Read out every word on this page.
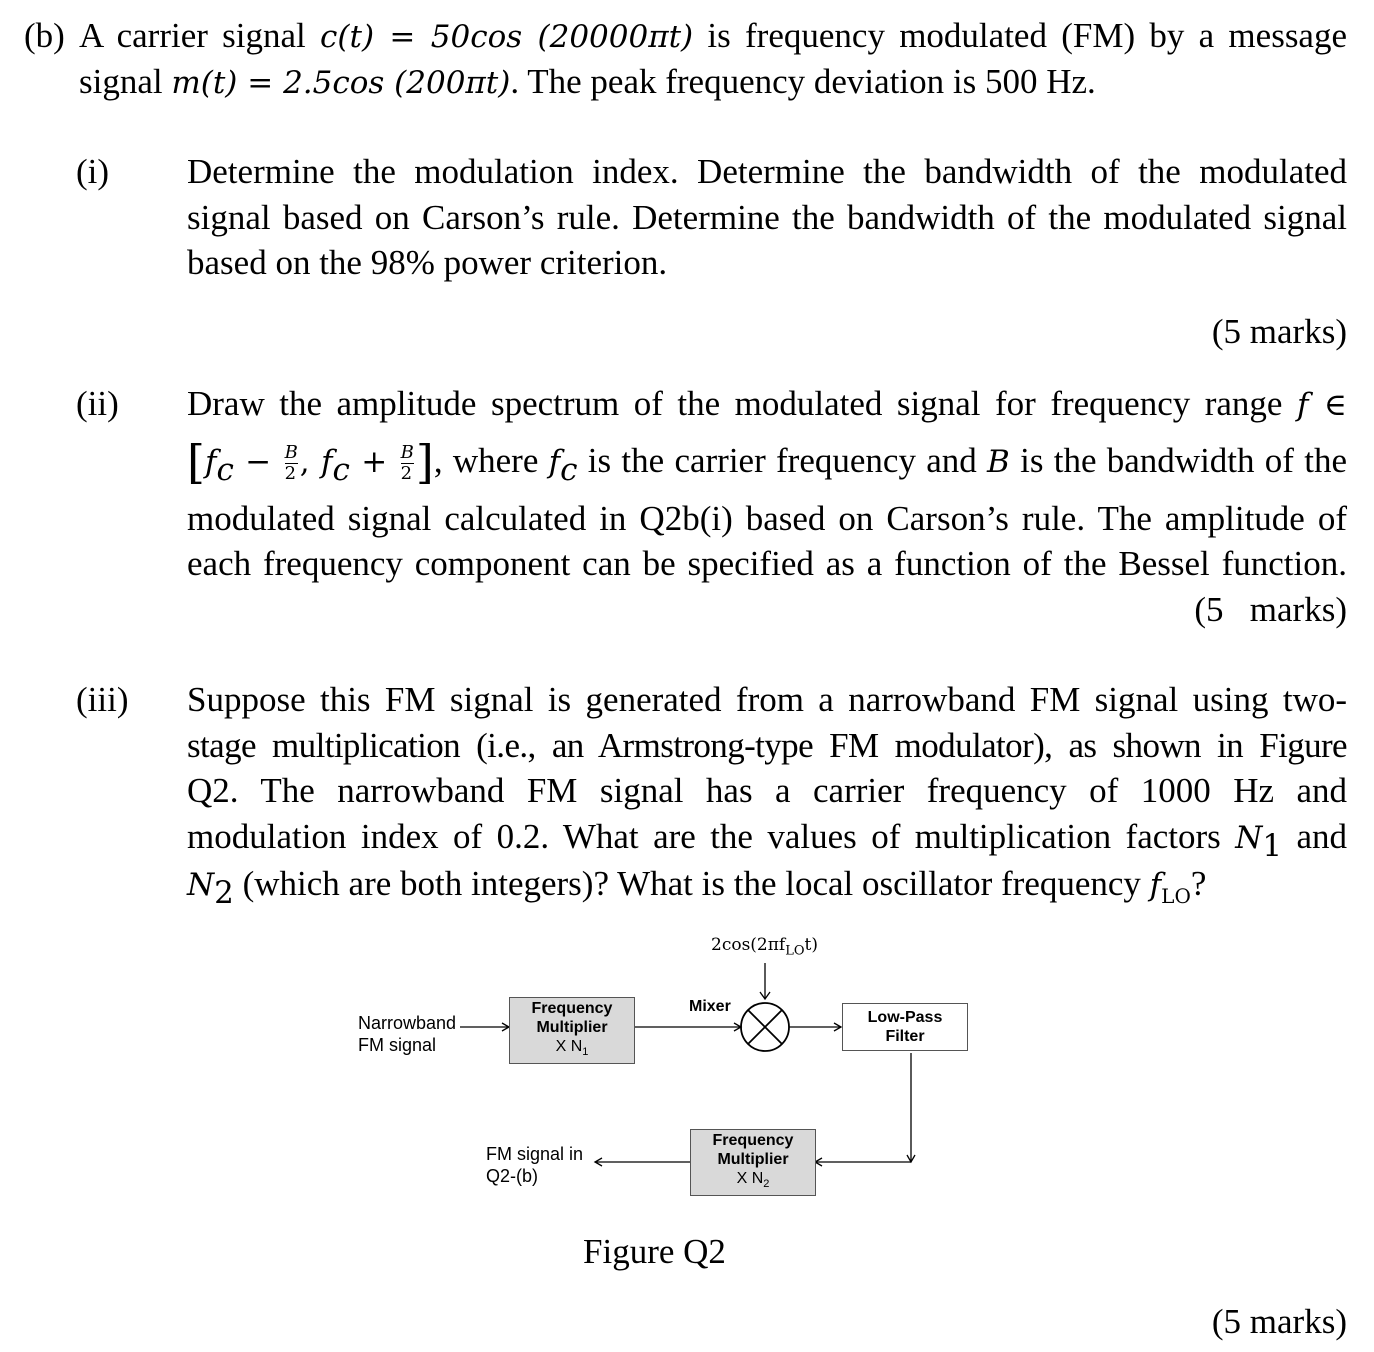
(b) A carrier signal c(t) = 50cos (20000πt) is frequency modulated (FM) by a message
signal m(t) = 2.5cos (200πt). The peak frequency deviation is 500 Hz.
(i) Determine the modulation index. Determine the bandwidth of the modulated
signal based on Carson’s rule. Determine the bandwidth of the modulated signal
based on the 98% power criterion.
(5 marks)
(ii) Draw the amplitude spectrum of the modulated signal for frequency range f ∈
[$f_c - \frac{B}{2}$ , $f_c + \frac{B}{2}$ ], where $f_c$ is the carrier frequency and B is the bandwidth of the
modulated signal calculated in Q2b(i) based on Carson’s rule. The amplitude of
each frequency component can be specified as a function of the Bessel function.
(5   marks)
(iii) Suppose this FM signal is generated from a narrowband FM signal using two-
stage multiplication (i.e., an Armstrong-type FM modulator), as shown in Figure
Q2. The narrowband FM signal has a carrier frequency of 1000 Hz and
modulation index of 0.2. What are the values of multiplication factors $N_1$ and
$N_2$ (which are both integers)? What is the local oscillator frequency $f_{LO}$?
$2\cos(2\pi f_{LO}t)$
Narrowband
FM signal
Frequency
Multiplier
X $N_1$
Mixer
Low-Pass
Filter
Frequency
Multiplier
X $N_2$
FM signal in
Q2-(b)
Figure Q2
(5 marks)
